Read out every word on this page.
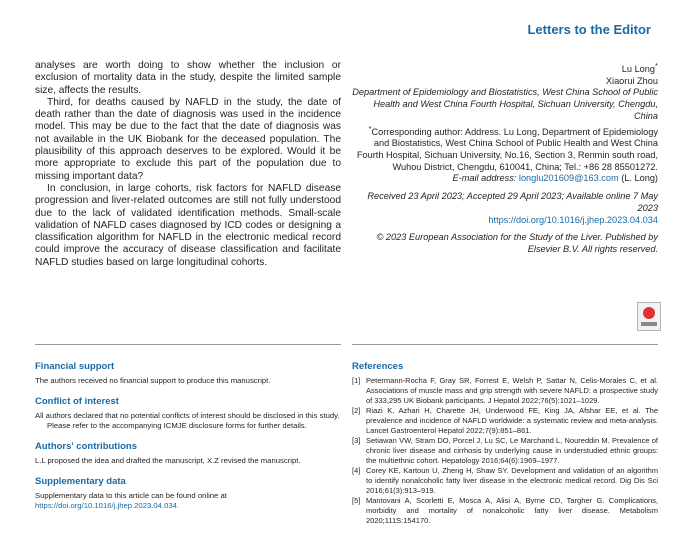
Letters to the Editor

analyses are worth doing to show whether the inclusion or exclusion of mortality data in the study, despite the limited sample size, affects the results.

Third, for deaths caused by NAFLD in the study, the date of death rather than the date of diagnosis was used in the incidence model. This may be due to the fact that the date of diagnosis was not available in the UK Biobank for the deceased population. The plausibility of this approach deserves to be explored. Would it be more appropriate to exclude this part of the population due to missing important data?

In conclusion, in large cohorts, risk factors for NAFLD disease progression and liver-related outcomes are still not fully understood due to the lack of validated identification methods. Small-scale validation of NAFLD cases diagnosed by ICD codes or designing a classification algorithm for NAFLD in the electronic medical record could improve the accuracy of disease classification and facilitate NAFLD studies based on large longitudinal cohorts.

Lu Long*
Xiaorui Zhou
Department of Epidemiology and Biostatistics, West China School of Public Health and West China Fourth Hospital, Sichuan University, Chengdu, China
*Corresponding author: Address. Lu Long, Department of Epidemiology and Biostatistics, West China School of Public Health and West China Fourth Hospital, Sichuan University, No.16, Section 3, Renmin south road, Wuhou District, Chengdu, 610041, China; Tel.: +86 28 85501272.
E-mail address: longlu201609@163.com (L. Long)
Received 23 April 2023; Accepted 29 April 2023; Available online 7 May 2023
https://doi.org/10.1016/j.jhep.2023.04.034
© 2023 European Association for the Study of the Liver. Published by Elsevier B.V. All rights reserved.
Financial support
The authors received no financial support to produce this manuscript.
Conflict of interest
All authors declared that no potential conflicts of interest should be disclosed in this study.
Please refer to the accompanying ICMJE disclosure forms for further details.
Authors' contributions
L.L proposed the idea and drafted the manuscript, X.Z revised the manuscript.
Supplementary data
Supplementary data to this article can be found online at https://doi.org/10.1016/j.jhep.2023.04.034.
References
[1] Petermann-Rocha F, Gray SR, Forrest E, Welsh P, Sattar N, Celis-Morales C, et al. Associations of muscle mass and grip strength with severe NAFLD: a prospective study of 333,295 UK Biobank participants. J Hepatol 2022;76(5):1021–1029.
[2] Riazi K, Azhari H, Charette JH, Underwood FE, King JA, Afshar EE, et al. The prevalence and incidence of NAFLD worldwide: a systematic review and meta-analysis. Lancet Gastroenterol Hepatol 2022;7(9):851–861.
[3] Setiawan VW, Stram DO, Porcel J, Lu SC, Le Marchand L, Noureddin M. Prevalence of chronic liver disease and cirrhosis by underlying cause in understudied ethnic groups: the multiethnic cohort. Hepatology 2016;64(6):1969–1977.
[4] Corey KE, Kartoun U, Zheng H, Shaw SY. Development and validation of an algorithm to identify nonalcoholic fatty liver disease in the electronic medical record. Dig Dis Sci 2016;61(3):913–919.
[5] Mantovani A, Scorletti E, Mosca A, Alisi A, Byrne CD, Targher G. Complications, morbidity and mortality of nonalcoholic fatty liver disease. Metabolism 2020;111S:154170.
